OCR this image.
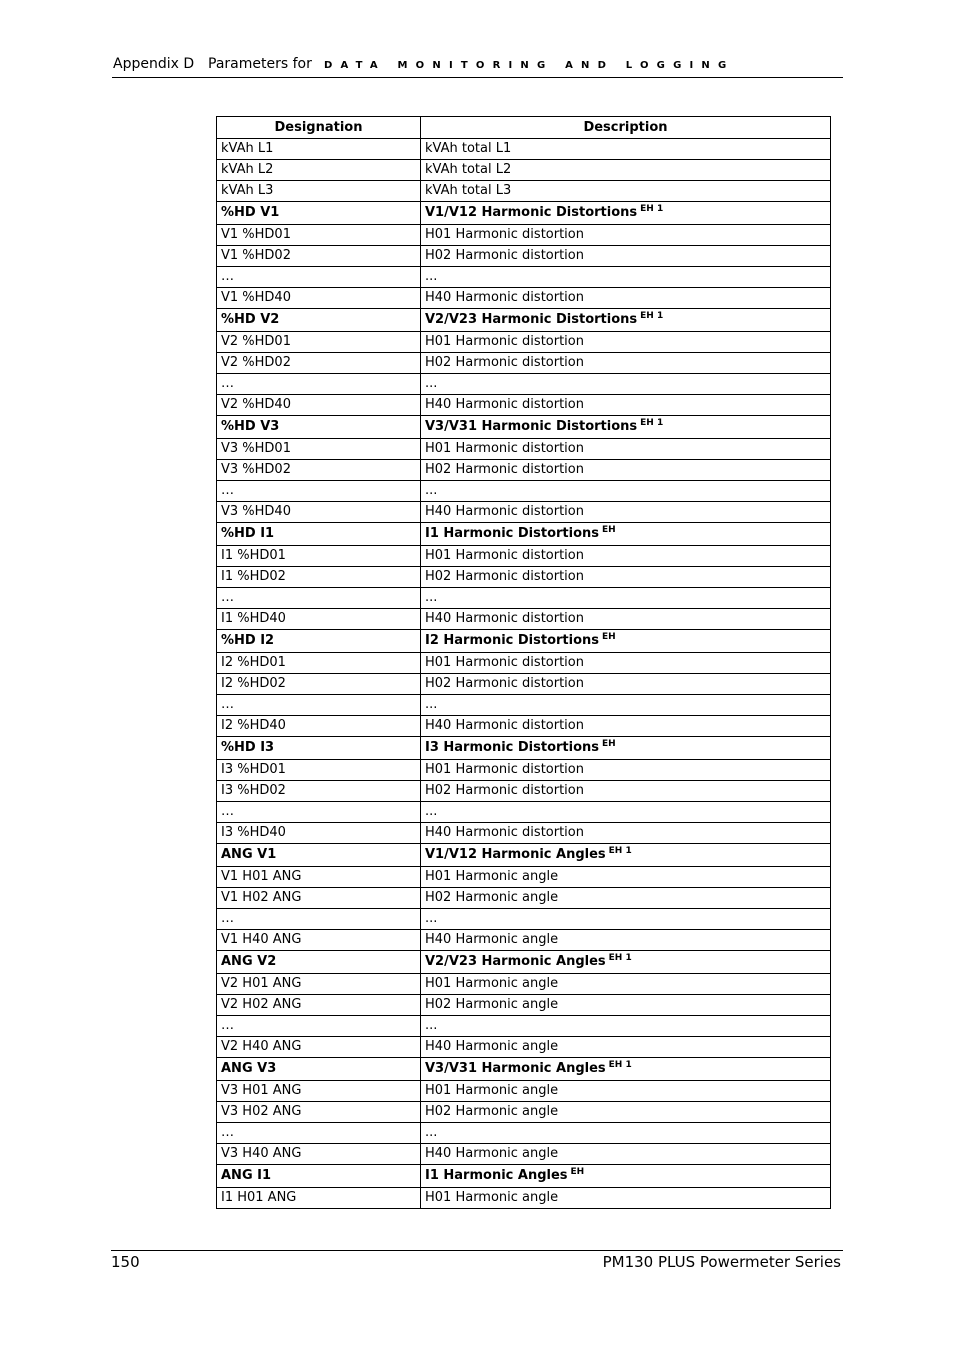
Appendix D Parameters for DATA MONITORING AND LOGGING
Designation	Description
kVAh L1	kVAh total L1
kVAh L2	kVAh total L2
kVAh L3	kVAh total L3
%HD V1	V1/V12 Harmonic Distortions $^{EH 1}$
V1 %HD01	H01 Harmonic distortion
V1 %HD02	H02 Harmonic distortion
…	...
V1 %HD40	H40 Harmonic distortion
%HD V2	V2/V23 Harmonic Distortions $^{EH 1}$
V2 %HD01	H01 Harmonic distortion
V2 %HD02	H02 Harmonic distortion
…	...
V2 %HD40	H40 Harmonic distortion
%HD V3	V3/V31 Harmonic Distortions $^{EH 1}$
V3 %HD01	H01 Harmonic distortion
V3 %HD02	H02 Harmonic distortion
…	...
V3 %HD40	H40 Harmonic distortion
%HD I1	I1 Harmonic Distortions $^{EH}$
I1 %HD01	H01 Harmonic distortion
I1 %HD02	H02 Harmonic distortion
…	...
I1 %HD40	H40 Harmonic distortion
%HD I2	I2 Harmonic Distortions $^{EH}$
I2 %HD01	H01 Harmonic distortion
I2 %HD02	H02 Harmonic distortion
…	...
I2 %HD40	H40 Harmonic distortion
%HD I3	I3 Harmonic Distortions $^{EH}$
I3 %HD01	H01 Harmonic distortion
I3 %HD02	H02 Harmonic distortion
…	...
I3 %HD40	H40 Harmonic distortion
ANG V1	V1/V12 Harmonic Angles $^{EH 1}$
V1 H01 ANG	H01 Harmonic angle
V1 H02 ANG	H02 Harmonic angle
…	...
V1 H40 ANG	H40 Harmonic angle
ANG V2	V2/V23 Harmonic Angles $^{EH 1}$
V2 H01 ANG	H01 Harmonic angle
V2 H02 ANG	H02 Harmonic angle
…	...
V2 H40 ANG	H40 Harmonic angle
ANG V3	V3/V31 Harmonic Angles $^{EH 1}$
V3 H01 ANG	H01 Harmonic angle
V3 H02 ANG	H02 Harmonic angle
…	...
V3 H40 ANG	H40 Harmonic angle
ANG I1	I1 Harmonic Angles $^{EH}$
I1 H01 ANG	H01 Harmonic angle
150	PM130 PLUS Powermeter Series
